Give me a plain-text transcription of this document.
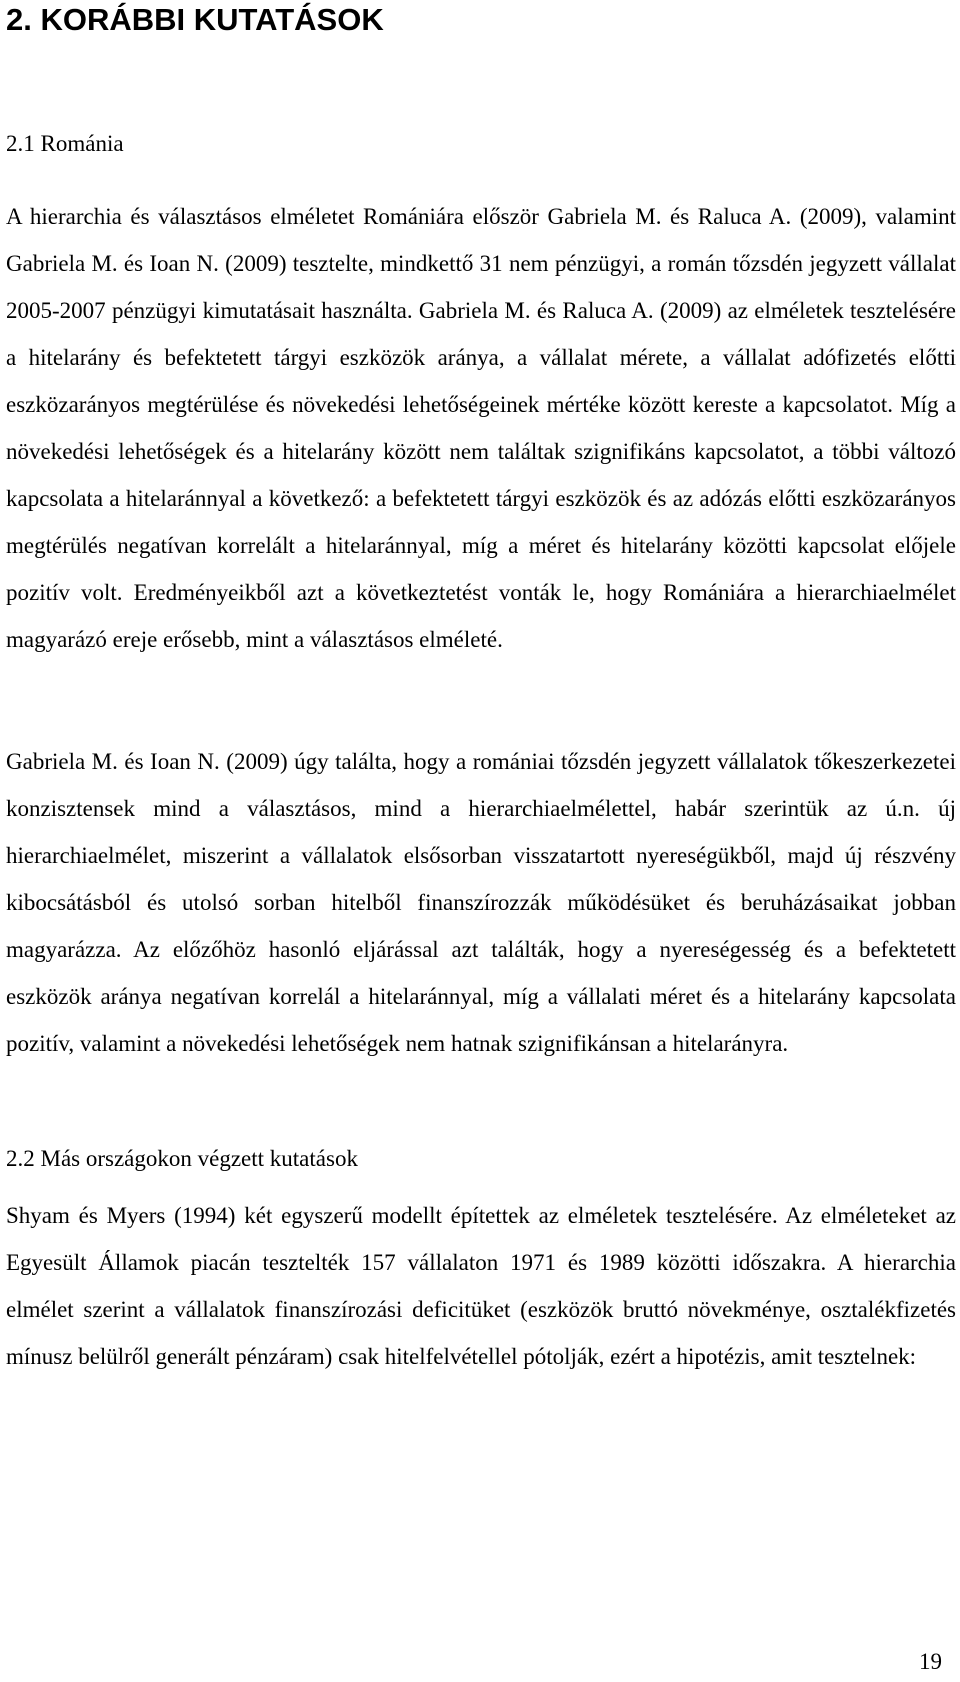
2. KORÁBBI KUTATÁSOK
2.1 Románia

A hierarchia és választásos elméletet Romániára először Gabriela M. és Raluca A. (2009), valamint Gabriela M. és Ioan N. (2009) tesztelte, mindkettő 31 nem pénzügyi, a román tőzsdén jegyzett vállalat 2005-2007 pénzügyi kimutatásait használta. Gabriela M. és Raluca A. (2009) az elméletek tesztelésére a hitelarány és befektetett tárgyi eszközök aránya, a vállalat mérete, a vállalat adófizetés előtti eszközarányos megtérülése és növekedési lehetőségeinek mértéke között kereste a kapcsolatot. Míg a növekedési lehetőségek és a hitelarány között nem találtak szignifikáns kapcsolatot, a többi változó kapcsolata a hitelaránnyal a következő: a befektetett tárgyi eszközök és az adózás előtti eszközarányos megtérülés negatívan korrelált a hitelaránnyal, míg a méret és hitelarány közötti kapcsolat előjele pozitív volt. Eredményeikből azt a következtetést vonták le, hogy Romániára a hierarchiaelmélet magyarázó ereje erősebb, mint a választásos elméleté.

Gabriela M. és Ioan N. (2009) úgy találta, hogy a romániai tőzsdén jegyzett vállalatok tőkeszerkezetei konzisztensek mind a választásos, mind a hierarchiaelmélettel, habár szerintük az ú.n. új hierarchiaelmélet, miszerint a vállalatok elsősorban visszatartott nyereségükből, majd új részvény kibocsátásból és utolsó sorban hitelből finanszírozzák működésüket és beruházásaikat jobban magyarázza. Az előzőhöz hasonló eljárással azt találták, hogy a nyereségesség és a befektetett eszközök aránya negatívan korrelál a hitelaránnyal, míg a vállalati méret és a hitelarány kapcsolata pozitív, valamint a növekedési lehetőségek nem hatnak szignifikánsan a hitelarányra.

2.2 Más országokon végzett kutatások

Shyam és Myers (1994) két egyszerű modellt építettek az elméletek tesztelésére. Az elméleteket az Egyesült Államok piacán tesztelték 157 vállalaton 1971 és 1989 közötti időszakra. A hierarchia elmélet szerint a vállalatok finanszírozási deficitüket (eszközök bruttó növekménye, osztalékfizetés mínusz belülről generált pénzáram) csak hitelfelvétellel pótolják, ezért a hipotézis, amit tesztelnek:

19
